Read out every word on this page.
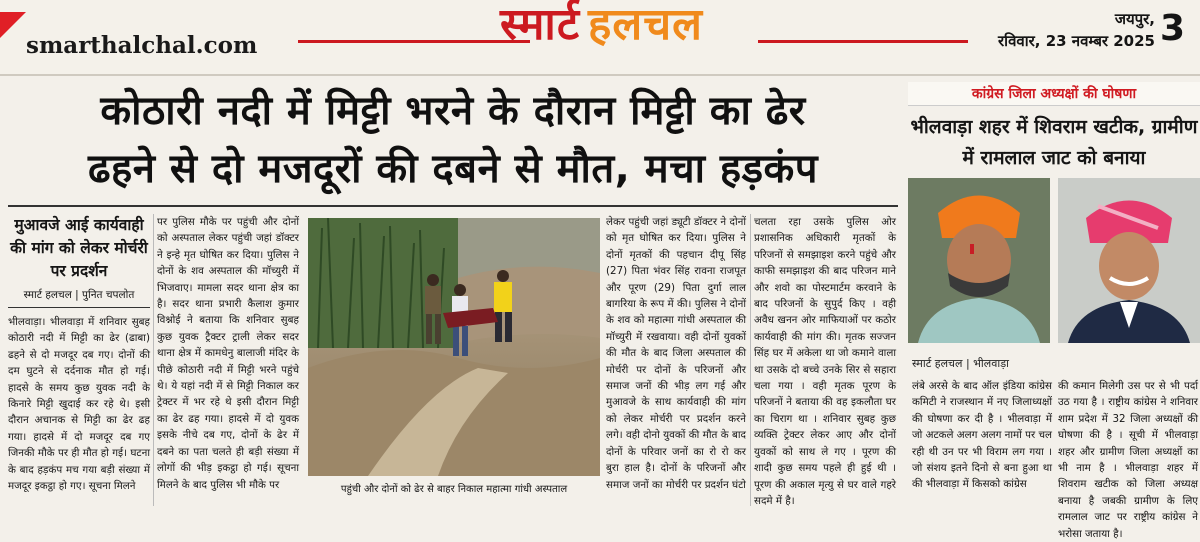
smarthalchal.com	स्मार्ट हलचल	जयपुर,
रविवार, 23 नवम्बर 2025 3
कोठारी नदी में मिट्टी भरने के दौरान मिट्टी का ढेर
ढहने से दो मजदूरों की दबने से मौत, मचा हड़कंप
मुआवजे आई कार्यवाही की मांग को लेकर मोर्चरी पर प्रदर्शन
स्मार्ट हलचल | पुनित चपलोत
भीलवाड़ा। भीलवाड़ा में शनिवार सुबह कोठारी नदी में मिट्टी का ढेर (ढाबा) ढहने से दो मजदूर दब गए। दोनों की दम घुटने से दर्दनाक मौत हो गई। हादसे के समय कुछ युवक नदी के किनारे मिट्टी खुदाई कर रहे थे। इसी दौरान अचानक से मिट्टी का ढेर ढह गया। हादसे में दो मजदूर दब गए जिनकी मौके पर ही मौत हो गई। घटना के बाद हड़कंप मच गया बड़ी संख्या में मजदूर इकट्ठा हो गए। सूचना मिलने
पर पुलिस मौके पर पहुंची और दोनों को अस्पताल लेकर पहुंची जहां डॉक्टर ने इन्हे मृत घोषित कर दिया। पुलिस ने दोनों के शव अस्पताल की मॉच्युरी में भिजवाए। मामला सदर थाना क्षेत्र का है। सदर थाना प्रभारी कैलाश कुमार विश्नोई ने बताया कि शनिवार सुबह कुछ युवक ट्रैक्टर ट्राली लेकर सदर थाना क्षेत्र में कामधेनु बालाजी मंदिर के पीछे कोठारी नदी में मिट्टी भरने पहुंचे थे। ये यहां नदी में से मिट्टी निकाल कर ट्रेक्टर में भर रहे थे इसी दौरान मिट्टी का ढेर ढह गया। हादसे में दो युवक इसके नीचे दब गए, दोनों के ढेर में दबने का पता चलते ही बड़ी संख्या में लोगों की भीड़ इकट्ठा हो गई। सूचना मिलने के बाद पुलिस भी मौके पर	पहुंची और दोनों को ढेर से बाहर निकाल महात्मा गांधी अस्पताल
लेकर पहुंची जहां ड्यूटी डॉक्टर ने दोनों को मृत घोषित कर दिया। पुलिस ने दोनों मृतकों की पहचान दीपू सिंह (27) पिता भंवर सिंह रावना राजपूत और पूरण (29) पिता दुर्गा लाल बागरिया के रूप में की। पुलिस ने दोनों के शव को महात्मा गांधी अस्पताल की मॉच्युरी में रखवाया। वही दोनों युवकों की मौत के बाद जिला अस्पताल की मोर्चरी पर दोनों के परिजनों और समाज जनों की भीड़ लग गई और मुआवजे के साथ कार्यवाही की मांग को लेकर मोर्चरी पर प्रदर्शन करने लगे। वही दोनो युवकों की मौत के बाद दोनों के परिवार जनों का रो रो कर बुरा हाल है। दोनों के परिजनों और समाज जनों का मोर्चरी पर प्रदर्शन घंटो
चलता रहा उसके पुलिस ओर प्रशासनिक अधिकारी मृतकों के परिजनों से समझाइश करने पहुंचे और काफी समझाइश की बाद परिजन माने और शवो का पोस्टमार्टम करवाने के बाद परिजनों के सुपुर्द किए । वही अवैध खनन ओर माफियाओं पर कठोर कार्यवाही की मांग की। मृतक सज्जन सिंह घर में अकेला था जो कमाने वाला था उसके दो बच्चे उनके सिर से सहारा चला गया । वही मृतक पूरण के परिजनों ने बताया की वह इकलौता घर का चिराग था । शनिवार सुबह कुछ व्यक्ति ट्रेक्टर लेकर आए और दोनों युवकों को साथ ले गए । पूरण की शादी कुछ समय पहले ही हुई थी । पूरण की अकाल मृत्यु से घर वाले गहरे सदमे में है।
कांग्रेस जिला अध्यक्षों की घोषणा
भीलवाड़ा शहर में शिवराम खटीक, ग्रामीण में रामलाल जाट को बनाया
स्मार्ट हलचल | भीलवाड़ा
लंबे अरसे के बाद ऑल इंडिया कांग्रेस कमिटी ने राजस्थान में नए जिलाध्यक्षों की घोषणा कर दी है । भीलवाड़ा में जो अटकले अलग अलग नामों पर चल रही थी उन पर भी विराम लग गया । जो संशय इतने दिनो से बना हुआ था की भीलवाड़ा में किसको कांग्रेस
की कमान मिलेगी उस पर से भी पर्दा उठ गया है । राष्ट्रीय कांग्रेस ने शनिवार शाम प्रदेश में 32 जिला अध्यक्षों की घोषणा की है । सूची में भीलवाड़ा शहर और ग्रामीण जिला अध्यक्षों का भी नाम है । भीलवाड़ा शहर में शिवराम खटीक को जिला अध्यक्ष बनाया है जबकी ग्रामीण के लिए रामलाल जाट पर राष्ट्रीय कांग्रेस ने भरोसा जताया है।
